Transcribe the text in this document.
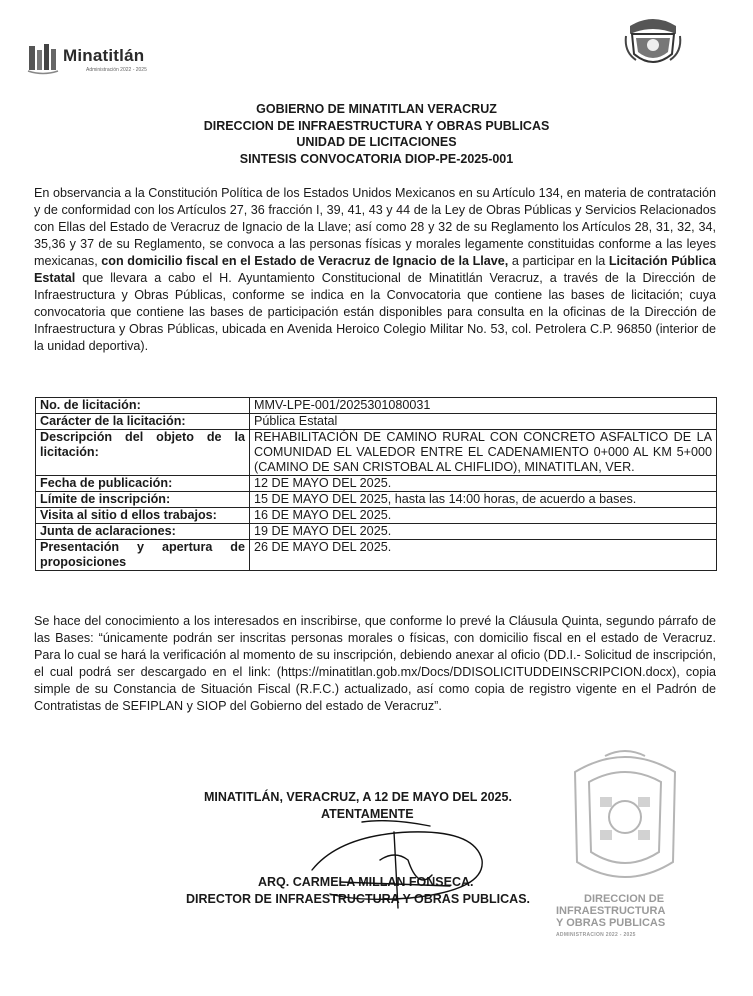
Minatitlán
Administración 2022 - 2025
GOBIERNO DE MINATITLAN VERACRUZ
DIRECCION DE INFRAESTRUCTURA Y OBRAS PUBLICAS
UNIDAD DE LICITACIONES
SINTESIS CONVOCATORIA DIOP-PE-2025-001
En observancia a la Constitución Política de los Estados Unidos Mexicanos en su Artículo 134, en materia de contratación y de conformidad con los Artículos 27, 36 fracción I, 39, 41, 43 y 44 de la Ley de Obras Públicas y Servicios Relacionados con Ellas del Estado de Veracruz de Ignacio de la Llave; así como 28 y 32 de su Reglamento los Artículos 28, 31, 32, 34, 35,36 y 37 de su Reglamento, se convoca a las personas físicas y morales legamente constituidas conforme a las leyes mexicanas, con domicilio fiscal en el Estado de Veracruz de Ignacio de la Llave, a participar en la Licitación Pública Estatal que llevara a cabo el H. Ayuntamiento Constitucional de Minatitlán Veracruz, a través de la Dirección de Infraestructura y Obras Públicas, conforme se indica en la Convocatoria que contiene las bases de licitación; cuya convocatoria que contiene las bases de participación están disponibles para consulta en la oficinas de la Dirección de Infraestructura y Obras Públicas, ubicada en Avenida Heroico Colegio Militar No. 53, col. Petrolera C.P. 96850 (interior de la unidad deportiva).
No. de licitación:	MMV-LPE-001/2025301080031
Carácter de la licitación:	Pública Estatal
Descripción del objeto de la licitación:	REHABILITACIÓN DE CAMINO RURAL CON CONCRETO ASFALTICO DE LA COMUNIDAD EL VALEDOR ENTRE EL CADENAMIENTO 0+000 AL KM 5+000 (CAMINO DE SAN CRISTOBAL AL CHIFLIDO), MINATITLAN, VER.
Fecha de publicación:	12 DE MAYO DEL 2025.
Límite de inscripción:	15 DE MAYO DEL 2025, hasta las 14:00 horas, de acuerdo a bases.
Visita al sitio d ellos trabajos:	16 DE MAYO DEL 2025.
Junta de aclaraciones:	19 DE MAYO DEL 2025.
Presentación y apertura de proposiciones	26 DE MAYO DEL 2025.
Se hace del conocimiento a los interesados en inscribirse, que conforme lo prevé la Cláusula Quinta, segundo párrafo de las Bases: “únicamente podrán ser inscritas personas morales o físicas, con domicilio fiscal en el estado de Veracruz. Para lo cual se hará la verificación al momento de su inscripción, debiendo anexar al oficio (DD.I.- Solicitud de inscripción, el cual podrá ser descargado en el link: (https://minatitlan.gob.mx/Docs/DDISOLICITUDDEINSCRIPCION.docx), copia simple de su Constancia de Situación Fiscal (R.F.C.) actualizado, así como copia de registro vigente en el Padrón de Contratistas de SEFIPLAN y SIOP del Gobierno del estado de Veracruz”.
DIRECCION DE
INFRAESTRUCTURA
Y OBRAS PUBLICAS
ADMINISTRACION 2022 - 2025
MINATITLÁN, VERACRUZ, A 12 DE MAYO DEL 2025.
ATENTAMENTE
ARQ. CARMELA MILLAN FONSECA.
DIRECTOR DE INFRAESTRUCTURA Y OBRAS PUBLICAS.
